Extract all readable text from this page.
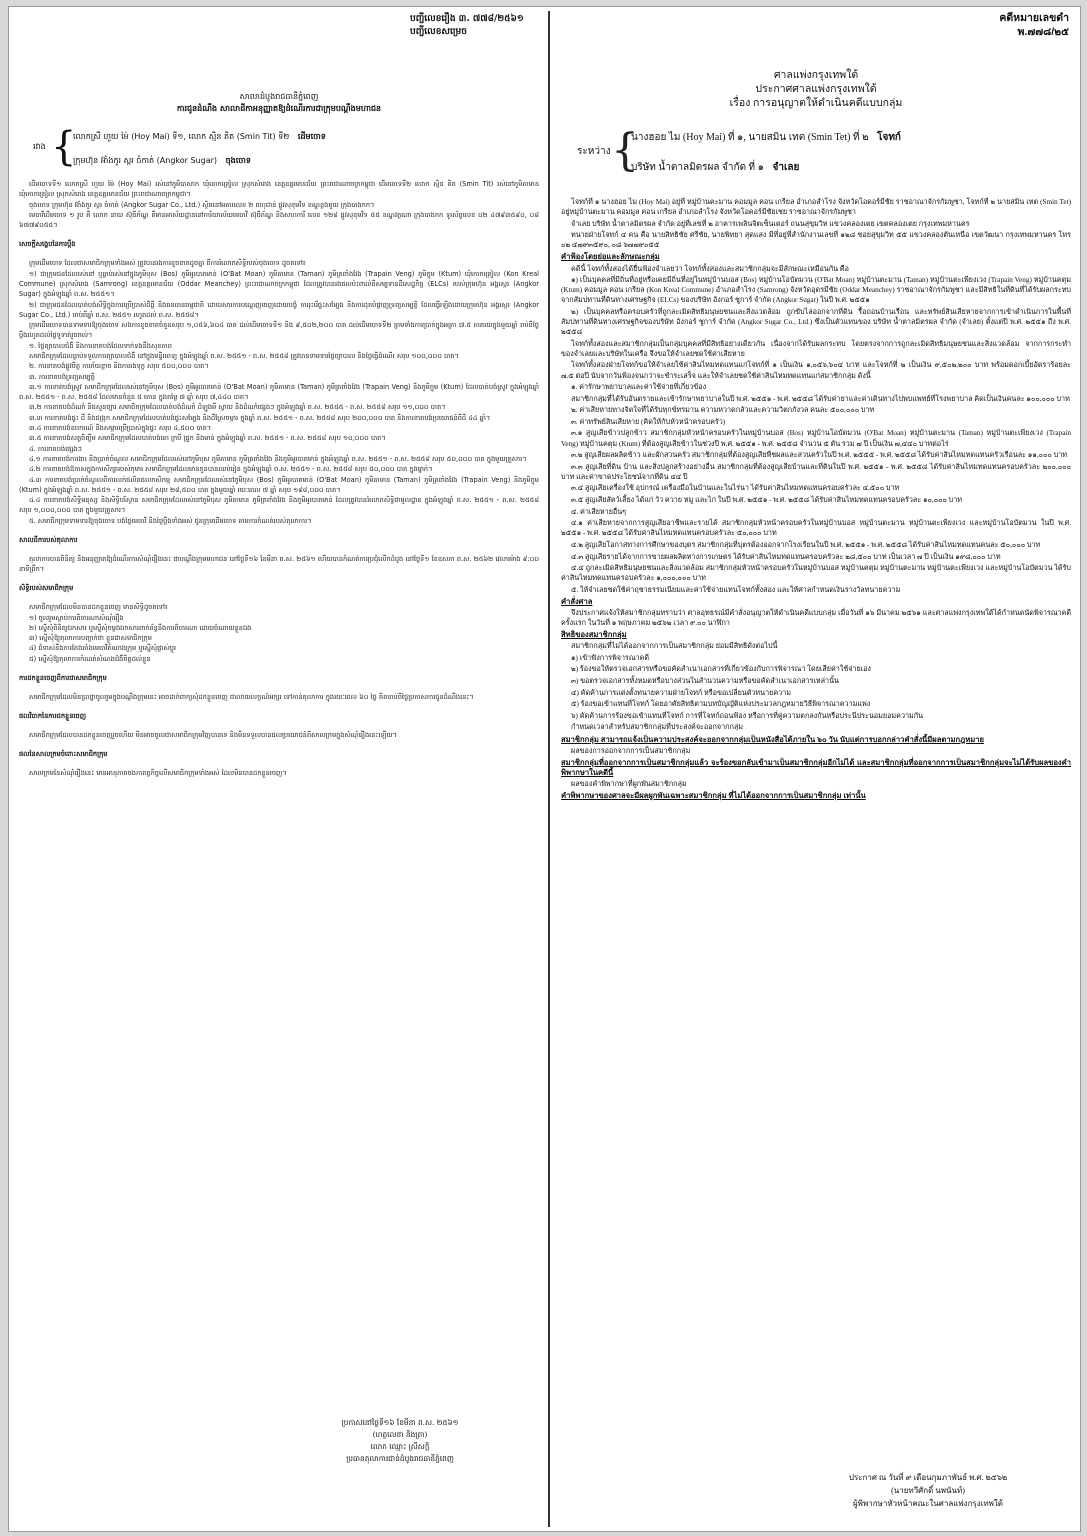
បញ្ជីលេខរឿង ៣. ៧៧៨/២៥៦១
បញ្ជីលេខសម្រេច
សាលាដំបូងរាជធានីភ្នំពេញ
ការជូនដំណឹង សាលាដីកាអនុញ្ញាតឱ្យដំណើរការជាក្រុមបណ្តឹងមហាជន
រវាង {
លោកស្រី ហួយ ម៉ៃ (Hoy Mai) ទី១, លោក ស្មិន តិត (Smin Tit) ទី២ ដើមចោទ
ក្រុមហ៊ុន អ៊ាំងកូរ ស្ករ ចំកាត់ (Angkor Sugar) ចុងចោទ

ដើមចោទទី១ លោកស្រី ហួយ ម៉ៃ (Hoy Mai) រស់នៅភូមិបាសាក ឃុំគោកគ្រៀល ស្រុកសំរោង ខេត្តឧត្តរមានជ័យ ព្រះរាជាណាចក្រកម្ពុជា ដើមចោទទី២ លោក ស្មិន តិត (Smin Tit) រស់នៅភូមិតាមាន ឃុំកោកគ្រៀល ស្រុកសំរោង ខេត្តឧត្តរមានជ័យ ព្រះរាជាណាចក្រកម្ពុជា។

ចុងចោទ ក្រុមហ៊ុន អ៊ាំងកូរ ស្ករ ចំកាត់ (Angkor Sugar Co., Ltd.) ស្ថិតនៅអគារលេខ ២ ពហុជាន់ ផ្លូវសុខុមវិទ ខណ្ឌខ្លងតូយ ក្រុងបាងកក។

មេធាវីដើមចោទ ១ រូប គឺ លោក នាយ ស៊ុធីភ័ណ្ឌ គឺមានអាស័យដ្ឋាននៅការិយាល័យមេធាវី ស៊ុធីភ័ណ្ឌ និងសហការី លេខ ១២៨ ផ្លូវសុខុមវិទ ៥៥ ខណ្ឌវត្តណា ក្រុងបាងកក ទូរស័ព្ទលេខ ០២ ៤៧៩៣៥៩០, ០៨ ៦៧៧៩០៥៥។

សេចក្តីសង្ខេបនៃការប្តឹង

ក្រុមដើមចោទ ដែលជាសមាជិកក្រុមទាំងអស់ ត្រូវបានរងការខូចខាតដូចគ្នា ពីការរំលោភសិទ្ធិរបស់ចុងចោទ ដូចតទៅ៖

១) ជាក្រុមជនដែលរស់នៅ ឬធ្លាប់រស់នៅក្នុងភូមិបុស (Bos) ភូមិអូរបាតមាន់ (O'Bat Moan) ភូមិតាមាន (Taman) ភូមិត្រពាំងវែង (Trapain Veng) ភូមិក្ទុម (Ktum) ឃុំកោកគ្រៀល (Kon Kreal Commune) ស្រុកសំរោង (Samrong) ខេត្តឧត្តរមានជ័យ (Oddar Meanchey) ព្រះរាជាណាចក្រកម្ពុជា ដែលត្រូវបានរងផលប៉ះពាល់ពីសម្បទានដីសេដ្ឋកិច្ច (ELCs) របស់ក្រុមហ៊ុន អង្គរស្ករ (Angkor Sugar) ក្នុងអំឡុងឆ្នាំ ព.ស. ២៥៥១។

២) ជាក្រុមជនដែលបាត់បង់សិទ្ធិក្នុងការប្រើប្រាស់ដីធ្លី និងធនធានធម្មជាតិ ដោយសារការបណ្តេញចេញដោយបង្ខំ ការរុះរើផ្ទះសម្បែង និងការដុតបំផ្លាញទ្រព្យសម្បត្តិ ដែលធ្វើឡើងដោយក្រុមហ៊ុន អង្គរស្ករ (Angkor Sugar Co., Ltd.) ចាប់ពីឆ្នាំ ព.ស. ២៥៥១ រហូតដល់ ព.ស. ២៥៥៨។

ក្រុមដើមចោទបានទាមទារឱ្យចុងចោទ សងការខូចខាតចំនួនសរុប ១,០៥៦,៦០៤ បាត ដល់ដើមចោទទី១ និង ៩,៥០២,២០០ បាត ដល់ដើមចោទទី២ ព្រមទាំងការប្រាក់ក្នុងអត្រា ៧.៥ ភាគរយក្នុងមួយឆ្នាំ រាប់ពីថ្ងៃប្តឹងរហូតដល់ថ្ងៃទូទាត់រួចរាល់។

១. ថ្លៃព្យាបាលជំងឺ និងការខាតបង់ដែលទាក់ទងនឹងសុខភាព

សមាជិកក្រុមដែលធ្លាប់ទទួលការព្យាបាលជំងឺ នៅក្នុងមន្ទីរពេទ្យ ក្នុងអំឡុងឆ្នាំ ព.ស. ២៥៥១ - ព.ស. ២៥៥៨ ត្រូវបានទាមទារថ្លៃព្យាបាល និងថ្លៃធ្វើដំណើរ សរុប ១០០,០០០ បាត។

២. ការខាតបង់ផ្លូវចិត្ត ការភ័យខ្លាច និងការរងទុក្ខ សរុប ៥០០,០០០ បាត។

៣. ការខាតបង់ទ្រព្យសម្បត្តិ

៣.១ ការខាតបង់ស្រូវ សមាជិកក្រុមដែលរស់នៅភូមិបុស (Bos) ភូមិអូរបាតមាន់ (O'Bat Moan) ភូមិតាមាន (Taman) ភូមិត្រពាំងវែង (Trapain Veng) និងភូមិក្ទុម (Ktum) ដែលបាត់បង់ស្រូវ ក្នុងអំឡុងឆ្នាំ ព.ស. ២៥៥១ - ព.ស. ២៥៥៨ ដែលមានចំនួន ៥ តោន ក្នុងតម្លៃ ៧ ឆ្នាំ សរុប ៧,៤៤០ បាត។

៣.២ ការខាតបង់ដំណាំ និងសួនច្បារ សមាជិកក្រុមដែលបាត់បង់ដំណាំ ដំឡូងមី ស្វាយ និងដំណាំផ្សេងៗ ក្នុងអំឡុងឆ្នាំ ព.ស. ២៥៥៥ - ព.ស. ២៥៥៨ សរុប ១១,០០០ បាត។

៣.៣ ការខាតបង់ផ្ទះ ដី និងជង្រុក សមាជិកក្រុមដែលបាត់បង់ផ្ទះសម្បែង និងដីស្រែចម្ការ ក្នុងឆ្នាំ ព.ស. ២៥៥១ - ព.ស. ២៥៥៨ សរុប ២០០,០០០ បាត និងការខាតបង់ប្រយោជន៍ពីដី ៤៤ ឆ្នាំ។

៣.៤ ការខាតបង់ឧបករណ៍ និងសម្ភារប្រើប្រាស់ក្នុងផ្ទះ សរុប ៤,៥០០ បាត។

៣.៥ ការខាតបង់សត្វចិញ្ចឹម សមាជិកក្រុមដែលបាត់បង់គោ ក្របី ជ្រូក និងមាន់ ក្នុងអំឡុងឆ្នាំ ព.ស. ២៥៥១ - ព.ស. ២៥៥៨ សរុប ១០,០០០ បាត។

៤. ការខាតបង់ផ្សេងៗ

៤.១ ការខាតបង់ការងារ និងប្រាក់ចំណូល សមាជិកក្រុមដែលរស់នៅភូមិបុស ភូមិតាមាន ភូមិត្រពាំងវែង និងភូមិអូរបាតមាន់ ក្នុងអំឡុងឆ្នាំ ព.ស. ២៥៥១ - ព.ស. ២៥៥៨ សរុប ៥០,០០០ បាត ក្នុងមួយគ្រួសារ។

៤.២ ការខាតបង់ឱកាសក្នុងការសិក្សារបស់កុមារ សមាជិកក្រុមដែលមានកូនបានឈប់រៀន ក្នុងអំឡុងឆ្នាំ ព.ស. ២៥៥១ - ព.ស. ២៥៥៨ សរុប ៥០,០០០ បាត ក្នុងម្នាក់។

៤.៣ ការខាតបង់ប្រាក់ចំណូលពីការលក់ផលិតផលកសិកម្ម សមាជិកក្រុមដែលរស់នៅភូមិបុស (Bos) ភូមិអូរបាតមាន់ (O'Bat Moan) ភូមិតាមាន (Taman) ភូមិត្រពាំងវែង (Trapain Veng) និងភូមិក្ទុម (Ktum) ក្នុងអំឡុងឆ្នាំ ព.ស. ២៥៥១ - ព.ស. ២៥៥៨ សរុប ២៨,៥០០ បាត ក្នុងមួយឆ្នាំ រយៈពេល ៧ ឆ្នាំ សរុប ១៩៨,០០០ បាត។

៤.៤ ការខាតបង់សិទ្ធិមនុស្ស និងសិទ្ធិបរិស្ថាន សមាជិកក្រុមដែលរស់នៅភូមិបុស ភូមិតាមាន ភូមិត្រពាំងវែង និងភូមិអូរបាតមាន់ ដែលត្រូវបានរំលោភសិទ្ធិជាមូលដ្ឋាន ក្នុងអំឡុងឆ្នាំ ព.ស. ២៥៥១ - ព.ស. ២៥៥៨ សរុប ១,០០០,០០០ បាត ក្នុងមួយគ្រួសារ។

៥. សមាជិកក្រុមទាមទារឱ្យចុងចោទ បង់ថ្លៃមេធាវី និងថ្លៃប្តឹងទាំងអស់ ជូនក្រុមដើមចោទ តាមការកំណត់របស់តុលាការ។

សាលដីការបស់តុលាការ

តុលាការបានពិនិត្យ និងអនុញ្ញាតឱ្យដំណើរការសំណុំរឿងនេះ ជាបណ្តឹងក្រុមមហាជន នៅថ្ងៃទី១៦ ខែមីនា ព.ស. ២៥៦១ ហើយបានកំណត់ការប្រជុំលើកដំបូង នៅថ្ងៃទី១ ខែឧសភា ព.ស. ២៥៦២ វេលាម៉ោង ៩:០០ នាទីព្រឹក។

សិទ្ធិរបស់សមាជិកក្រុម

សមាជិកក្រុមដែលមិនបានដកខ្លួនចេញ មានសិទ្ធិដូចតទៅ៖

១) ចូលរួមស្តាប់ការពិចារណាសំណុំរឿង

២) ស្នើសុំពិនិត្យឯកសារ ឬស្នើសុំចម្លងឯកសារពាក់ព័ន្ធនឹងការពិចារណា ដោយចំណាយខ្លួនឯង

៣) ស្នើសុំឱ្យតុលាការបញ្ជាក់ថា ខ្លួនជាសមាជិកក្រុម

៤) ជំទាស់នឹងការតែងតាំងមេធាវីតំណាងក្រុម ឬស្នើសុំផ្លាស់ប្តូរ

៥) ស្នើសុំឱ្យតុលាការកំណត់សំណងជំងឺចិត្តដល់ខ្លួន

ការដកខ្លួនចេញពីការជាសមាជិកក្រុម

សមាជិកក្រុមដែលមិនប្រាថ្នាចូលរួមក្នុងបណ្តឹងក្រុមនេះ អាចដាក់ពាក្យសុំដកខ្លួនចេញ ជាលាយលក្ខណ៍អក្សរ ទៅកាន់តុលាការ ក្នុងរយៈពេល ៦០ ថ្ងៃ គិតចាប់ពីថ្ងៃប្រកាសការជូនដំណឹងនេះ។

ផលវិបាកនៃការដកខ្លួនចេញ

សមាជិកក្រុមដែលបានដកខ្លួនចេញរួចហើយ មិនអាចចូលជាសមាជិកក្រុមវិញបានទេ និងមិនទទួលបានផលប្រយោជន៍ពីសាលក្រមក្នុងសំណុំរឿងនេះឡើយ។

ផលនៃសាលក្រមចំពោះសមាជិកក្រុម

សាលក្រមនៃសំណុំរឿងនេះ មានអានុភាពចងកាតព្វកិច្ចលើសមាជិកក្រុមទាំងអស់ ដែលមិនបានដកខ្លួនចេញ។

ប្រកាសនៅថ្ងៃទី១៦ ខែមីនា ព.ស. ២៥៦១
(ហត្ថលេខា និងត្រា)
លោក ឈ្មោះ ស្រីសក្តិ
ប្រធានតុលាការជាន់ដំបូងរាជធានីភ្នំពេញ
คดีหมายเลขดำ
พ.๗๗๘/๒๕
ศาลแพ่งกรุงเทพใต้
ประกาศศาลแพ่งกรุงเทพใต้
เรื่อง การอนุญาตให้ดำเนินคดีแบบกลุ่ม
ระหว่าง {
นางฮอย ไม (Hoy Mai) ที่ ๑, นายสมิน เทต (Smin Tet) ที่ ๒ โจทก์
บริษัท น้ำตาลมิตรผล จำกัด ที่ ๑ จำเลย

โจทก์ที่ ๑ นางฮอย ไม (Hoy Mai) อยู่ที่ หมู่บ้านตะมาน คอมมูล คอน เกรียล อำเภอสำโรง จังหวัดโอดอร์มีชัย ราชอาณาจักรกัมพูชา, โจทก์ที่ ๒ นายสมิน เทต (Smin Tet) อยู่หมู่บ้านตะมาน คอมมูล คอน เกรียล อำเภอสำโรง จังหวัดโอดอร์มีชัยเชย ราชอาณาจักรกัมพูชา

จำเลย บริษัท น้ำตาลมิตรผล จำกัด อยู่ที่เลขที่ ๒ อาคารเพลินจิตเซ็นเตอร์ ถนนสุขุมวิท แขวงคลองเตย เขตคลองเตย กรุงเทพมหานคร

ทนายฝ่ายโจทก์ ๔ คน คือ นายสิทธิชัย ศรีชัย, นายพิทยา สุดแสง มีที่อยู่ที่สำนักงานเลขที่ ๑๒๘ ซอยสุขุมวิท ๕๕ แขวงคลองตันเหนือ เขตวัฒนา กรุงเทพมหานคร โทร ๐๒ ๔๗๙๓๕๙๐, ๐๘ ๖๗๗๙๐๕๕

คำฟ้องโดยย่อและลักษณะกลุ่ม

คดีนี้ โจทก์ทั้งสองได้ยื่นฟ้องจำเลยว่า โจทก์ทั้งสองและสมาชิกกลุ่มจะมีลักษณะเหมือนกัน คือ

๑) เป็นบุคคลที่มีถิ่นที่อยู่หรือเคยมีถิ่นที่อยู่ในหมู่บ้านบอส (Bos) หมู่บ้านโอบัตมวน (O'Bat Moan) หมู่บ้านตะมาน (Taman) หมู่บ้านตะเพียงเวง (Trapain Veng) หมู่บ้านคตุม (Ktum) คอมมูล คอน เกรียล (Kon Kreal Commune) อำเภอสำโรง (Samrong) จังหวัดอุดรมีชัย (Oddar Meanchey) ราชอาณาจักรกัมพูชา และมีสิทธิในที่ดินที่ได้รับผลกระทบจากสัมปทานที่ดินทางเศรษฐกิจ (ELCs) ของบริษัท อังกอร์ ชูการ์ จำกัด (Angkor Sugar) ในปี พ.ศ. ๒๕๕๑

๒) เป็นบุคคลหรือครอบครัวที่ถูกละเมิดสิทธิมนุษยชนและสิ่งแวดล้อม ถูกขับไล่ออกจากที่ดิน รื้อถอนบ้านเรือน และทรัพย์สินเสียหายจากการเข้าดำเนินการในพื้นที่สัมปทานที่ดินทางเศรษฐกิจของบริษัท อังกอร์ ชูการ์ จำกัด (Angkor Sugar Co., Ltd.) ซึ่งเป็นตัวแทนของ บริษัท น้ำตาลมิตรผล จำกัด (จำเลย) ตั้งแต่ปี พ.ศ. ๒๕๕๑ ถึง พ.ศ. ๒๕๕๘

โจทก์ทั้งสองและสมาชิกกลุ่มเป็นกลุ่มบุคคลที่มีสิทธิอย่างเดียวกัน เนื่องจากได้รับผลกระทบ โดยตรงจากการถูกละเมิดสิทธิมนุษยชนและสิ่งแวดล้อม จากการกระทำของจำเลยและบริษัทในเครือ จึงขอให้จำเลยชดใช้ค่าเสียหาย

โจทก์ทั้งสองฝ่ายโจทก์ขอให้จำเลยใช้ค่าสินไหมทดแทนแก่โจทก์ที่ ๑ เป็นเงิน ๑,๐๕๖,๖๐๔ บาท และโจทก์ที่ ๒ เป็นเงิน ๙,๕๐๒,๒๐๐ บาท พร้อมดอกเบี้ยอัตราร้อยละ ๗.๕ ต่อปี นับจากวันฟ้องจนกว่าจะชำระเสร็จ และให้จำเลยชดใช้ค่าสินไหมทดแทนแก่สมาชิกกลุ่ม ดังนี้

๑. ค่ารักษาพยาบาลและค่าใช้จ่ายที่เกี่ยวข้อง

สมาชิกกลุ่มที่ได้รับอันตรายและเข้ารักษาพยาบาลในปี พ.ศ. ๒๕๕๑ - พ.ศ. ๒๕๕๘ ได้รับค่ายาและค่าเดินทางไปพบแพทย์ที่โรงพยาบาล คิดเป็นเงินคนละ ๑๐๐,๐๐๐ บาท

๒. ค่าเสียหายทางจิตใจที่ได้รับทุกข์ทรมาน ความหวาดกลัวและความวิตกกังวล คนละ ๕๐๐,๐๐๐ บาท

๓. ค่าทรัพย์สินเสียหาย (คิดให้กับหัวหน้าครอบครัว)

๓.๑ สูญเสียข้าวปลูกข้าว สมาชิกกลุ่มหัวหน้าครอบครัวในหมู่บ้านบอส (Bos) หมู่บ้านโอบัตมวน (O'Bat Moan) หมู่บ้านตะมาน (Taman) หมู่บ้านตะเพียงเวง (Trapain Veng) หมู่บ้านคตุม (Ktum) ที่ต้องสูญเสียข้าวในช่วงปี พ.ศ. ๒๕๕๑ - พ.ศ. ๒๕๕๘ จำนวน ๕ ตัน รวม ๗ ปี เป็นเงิน ๗,๔๔๐ บาทต่อไร่

๓.๒ สูญเสียผลผลิตข้าว และผักสวนครัว สมาชิกกลุ่มที่ต้องสูญเสียพืชผลและสวนครัวในปี พ.ศ. ๒๕๕๕ - พ.ศ. ๒๕๕๘ ได้รับค่าสินไหมทดแทนครัวเรือนละ ๑๑,๐๐๐ บาท

๓.๓ สูญเสียที่ดิน บ้าน และสิ่งปลูกสร้างอย่างอื่น สมาชิกกลุ่มที่ต้องสูญเสียบ้านและที่ดินในปี พ.ศ. ๒๕๕๑ - พ.ศ. ๒๕๕๘ ได้รับค่าสินไหมทดแทนครอบครัวละ ๒๐๐,๐๐๐ บาท และค่าขาดประโยชน์จากที่ดิน ๔๔ ปี

๓.๔ สูญเสียเครื่องใช้ อุปกรณ์ เครื่องมือในบ้านและในไร่นา ได้รับค่าสินไหมทดแทนครอบครัวละ ๔,๕๐๐ บาท

๓.๕ สูญเสียสัตว์เลี้ยง ได้แก่ วัว ควาย หมู และไก่ ในปี พ.ศ. ๒๕๕๑ - พ.ศ. ๒๕๕๘ ได้รับค่าสินไหมทดแทนครอบครัวละ ๑๐,๐๐๐ บาท

๔. ค่าเสียหายอื่นๆ

๔.๑ ค่าเสียหายจากการสูญเสียอาชีพและรายได้ สมาชิกกลุ่มหัวหน้าครอบครัวในหมู่บ้านบอส หมู่บ้านตะมาน หมู่บ้านตะเพียงเวง และหมู่บ้านโอบัตมวน ในปี พ.ศ. ๒๕๕๑ - พ.ศ. ๒๕๕๘ ได้รับค่าสินไหมทดแทนครอบครัวละ ๕๐,๐๐๐ บาท

๔.๒ สูญเสียโอกาสทางการศึกษาของบุตร สมาชิกกลุ่มที่บุตรต้องออกจากโรงเรียนในปี พ.ศ. ๒๕๕๑ - พ.ศ. ๒๕๕๘ ได้รับค่าสินไหมทดแทนคนละ ๕๐,๐๐๐ บาท

๔.๓ สูญเสียรายได้จากการขายผลผลิตทางการเกษตร ได้รับค่าสินไหมทดแทนครอบครัวละ ๒๘,๕๐๐ บาท เป็นเวลา ๗ ปี เป็นเงิน ๑๙๘,๐๐๐ บาท

๔.๔ ถูกละเมิดสิทธิมนุษยชนและสิ่งแวดล้อม สมาชิกกลุ่มหัวหน้าครอบครัวในหมู่บ้านบอส หมู่บ้านคตุม หมู่บ้านตะมาน หมู่บ้านตะเพียงเวง และหมู่บ้านโอบัตมวน ได้รับค่าสินไหมทดแทนครอบครัวละ ๑,๐๐๐,๐๐๐ บาท

๕. ให้จำเลยชดใช้ค่าฤชาธรรมเนียมและค่าใช้จ่ายแทนโจทก์ทั้งสอง และให้ศาลกำหนดเงินรางวัลทนายความ

คำสั่งศาล

จึงประกาศแจ้งให้สมาชิกกลุ่มทราบว่า ศาลอุทธรณ์มีคำสั่งอนุญาตให้ดำเนินคดีแบบกลุ่ม เมื่อวันที่ ๑๖ มีนาคม ๒๕๖๑ และศาลแพ่งกรุงเทพใต้ได้กำหนดนัดพิจารณาคดีครั้งแรก ในวันที่ ๑ พฤษภาคม ๒๕๖๒ เวลา ๙.๐๐ นาฬิกา

สิทธิของสมาชิกกลุ่ม

สมาชิกกลุ่มที่ไม่ได้ออกจากการเป็นสมาชิกกลุ่ม ย่อมมีสิทธิดังต่อไปนี้

๑) เข้าฟังการพิจารณาคดี

๒) ร้องขอให้ตรวจเอกสารหรือขอคัดสำเนาเอกสารที่เกี่ยวข้องกับการพิจารณา โดยเสียค่าใช้จ่ายเอง

๓) ขอตรวจเอกสารทั้งหมดหรือบางส่วนในสำนวนความหรือขอคัดสำเนาเอกสารเหล่านั้น

๔) คัดค้านการแต่งตั้งทนายความฝ่ายโจทก์ หรือขอเปลี่ยนตัวทนายความ

๕) ร้องขอเข้าแทนที่โจทก์ โดยอาศัยสิทธิตามบทบัญญัติแห่งประมวลกฎหมายวิธีพิจารณาความแพ่ง

๖) คัดค้านการร้องขอเข้าแทนที่โจทก์ การที่โจทก์ถอนฟ้อง หรือการที่คู่ความตกลงกันหรือประนีประนอมยอมความกัน

กำหนดเวลาสำหรับสมาชิกกลุ่มที่ประสงค์จะออกจากกลุ่ม

สมาชิกกลุ่ม สามารถแจ้งเป็นความประสงค์จะออกจากกลุ่มเป็นหนังสือได้ภายใน ๖๐ วัน นับแต่การบอกกล่าวคำสั่งนี้มีผลตามกฎหมาย

ผลของการออกจากการเป็นสมาชิกกลุ่ม

สมาชิกกลุ่มที่ออกจากการเป็นสมาชิกกลุ่มแล้ว จะร้องขอกลับเข้ามาเป็นสมาชิกกลุ่มอีกไม่ได้ และสมาชิกกลุ่มที่ออกจากการเป็นสมาชิกกลุ่มจะไม่ได้รับผลของคำพิพากษาในคดีนี้

ผลของคำพิพากษาที่ผูกพันสมาชิกกลุ่ม

คำพิพากษาของศาลจะมีผลผูกพันเฉพาะสมาชิกกลุ่ม ที่ไม่ได้ออกจากการเป็นสมาชิกกลุ่ม เท่านั้น
ประกาศ ณ วันที่ ๙ เดือนกุมภาพันธ์ พ.ศ. ๒๕๖๒
(นายทวีศักดิ์ นพนันท์)
ผู้พิพากษาหัวหน้าคณะในศาลแพ่งกรุงเทพใต้
